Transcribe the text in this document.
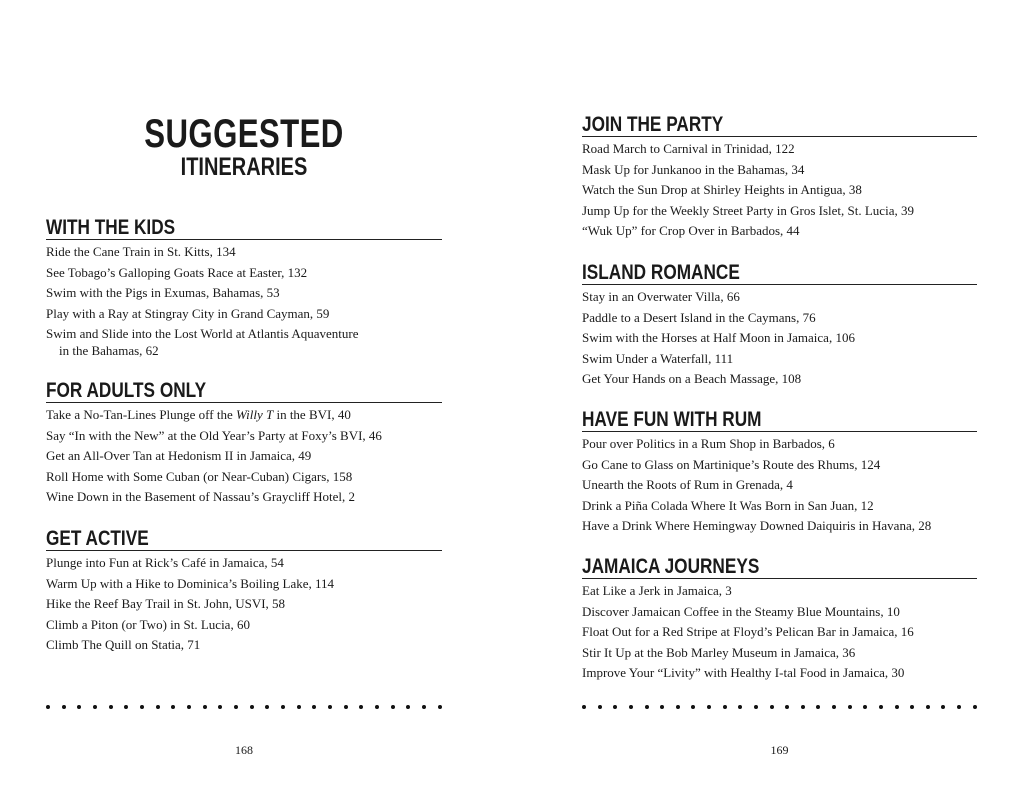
SUGGESTED
ITINERARIES
WITH THE KIDS
Ride the Cane Train in St. Kitts, 134
See Tobago’s Galloping Goats Race at Easter, 132
Swim with the Pigs in Exumas, Bahamas, 53
Play with a Ray at Stingray City in Grand Cayman, 59
Swim and Slide into the Lost World at Atlantis Aquaventure
in the Bahamas, 62
FOR ADULTS ONLY
Take a No-Tan-Lines Plunge off the Willy T in the BVI, 40
Say “In with the New” at the Old Year’s Party at Foxy’s BVI, 46
Get an All-Over Tan at Hedonism II in Jamaica, 49
Roll Home with Some Cuban (or Near-Cuban) Cigars, 158
Wine Down in the Basement of Nassau’s Graycliff Hotel, 2
GET ACTIVE
Plunge into Fun at Rick’s Café in Jamaica, 54
Warm Up with a Hike to Dominica’s Boiling Lake, 114
Hike the Reef Bay Trail in St. John, USVI, 58
Climb a Piton (or Two) in St. Lucia, 60
Climb The Quill on Statia, 71
168
JOIN THE PARTY
Road March to Carnival in Trinidad, 122
Mask Up for Junkanoo in the Bahamas, 34
Watch the Sun Drop at Shirley Heights in Antigua, 38
Jump Up for the Weekly Street Party in Gros Islet, St. Lucia, 39
“Wuk Up” for Crop Over in Barbados, 44
ISLAND ROMANCE
Stay in an Overwater Villa, 66
Paddle to a Desert Island in the Caymans, 76
Swim with the Horses at Half Moon in Jamaica, 106
Swim Under a Waterfall, 111
Get Your Hands on a Beach Massage, 108
HAVE FUN WITH RUM
Pour over Politics in a Rum Shop in Barbados, 6
Go Cane to Glass on Martinique’s Route des Rhums, 124
Unearth the Roots of Rum in Grenada, 4
Drink a Piña Colada Where It Was Born in San Juan, 12
Have a Drink Where Hemingway Downed Daiquiris in Havana, 28
JAMAICA JOURNEYS
Eat Like a Jerk in Jamaica, 3
Discover Jamaican Coffee in the Steamy Blue Mountains, 10
Float Out for a Red Stripe at Floyd’s Pelican Bar in Jamaica, 16
Stir It Up at the Bob Marley Museum in Jamaica, 36
Improve Your “Livity” with Healthy I-tal Food in Jamaica, 30
169
